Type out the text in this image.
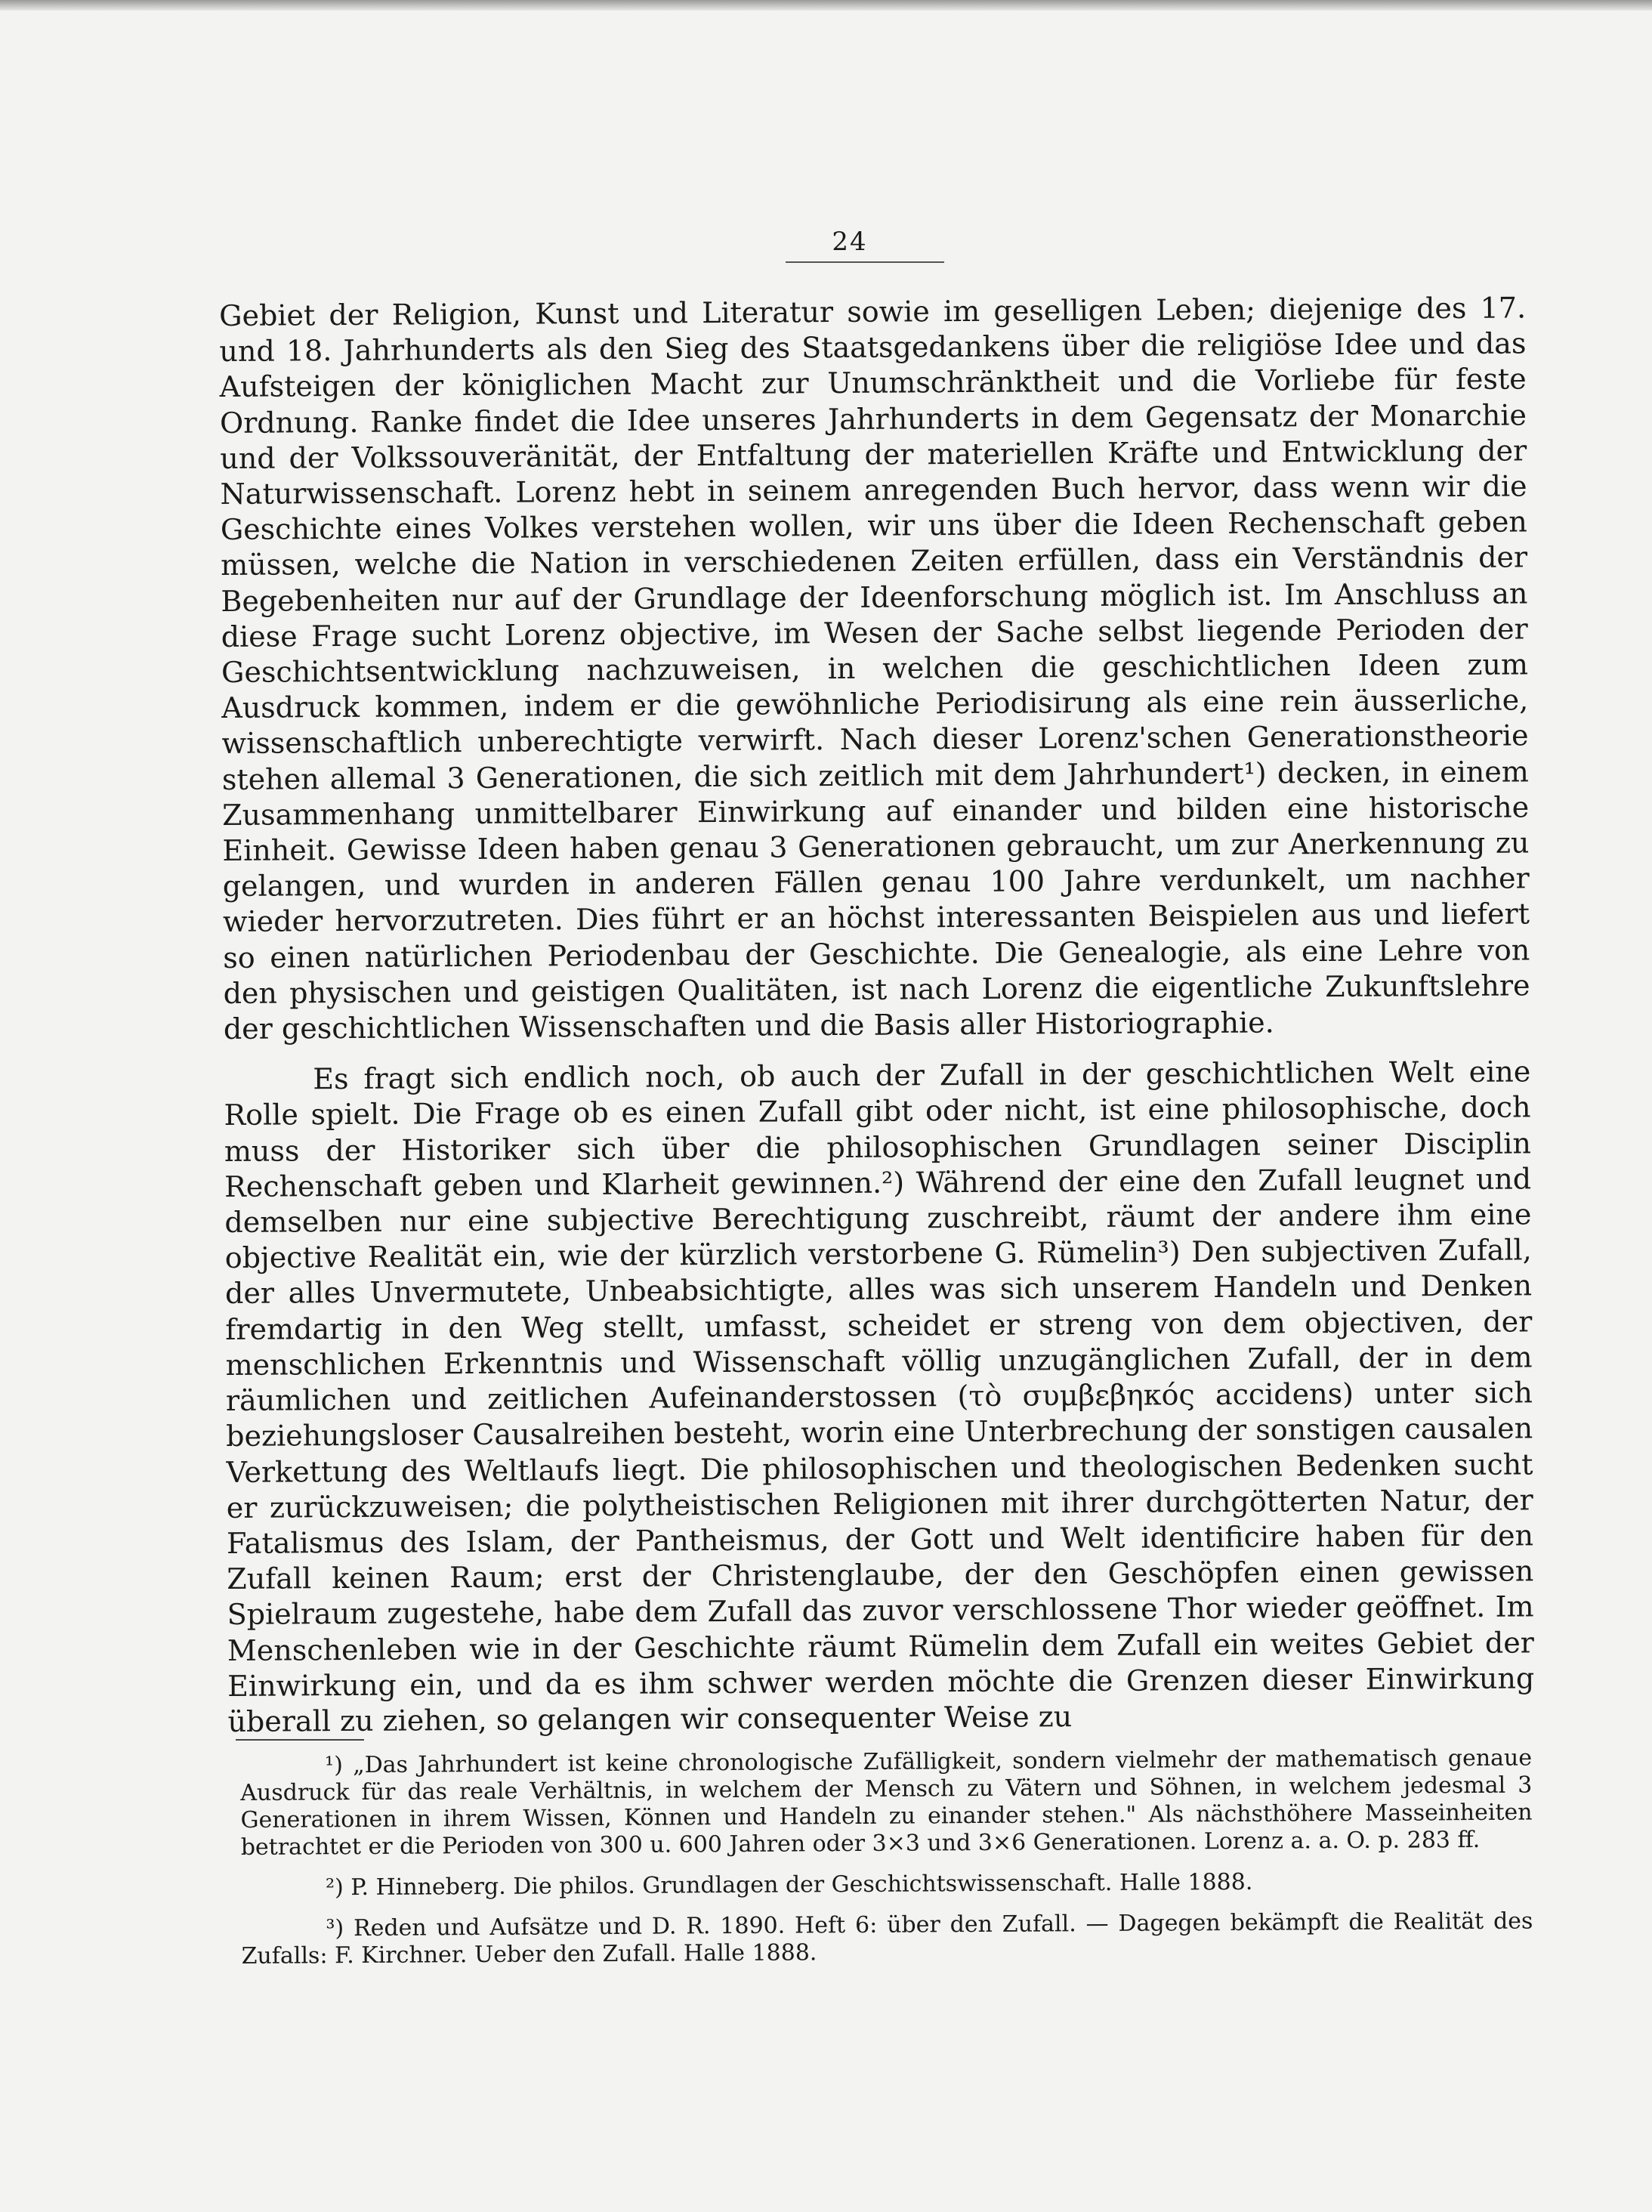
24

Gebiet der Religion, Kunst und Literatur sowie im geselligen Leben; diejenige des 17. und 18. Jahrhunderts als den Sieg des Staatsgedankens über die religiöse Idee und das Aufsteigen der königlichen Macht zur Unumschränktheit und die Vorliebe für feste Ordnung. Ranke findet die Idee unseres Jahrhunderts in dem Gegensatz der Monarchie und der Volkssouveränität, der Entfaltung der materiellen Kräfte und Entwicklung der Naturwissenschaft. Lorenz hebt in seinem anregenden Buch hervor, dass wenn wir die Geschichte eines Volkes verstehen wollen, wir uns über die Ideen Rechenschaft geben müssen, welche die Nation in verschiedenen Zeiten erfüllen, dass ein Verständnis der Begebenheiten nur auf der Grundlage der Ideenforschung möglich ist. Im Anschluss an diese Frage sucht Lorenz objective, im Wesen der Sache selbst liegende Perioden der Geschichtsentwicklung nachzuweisen, in welchen die geschichtlichen Ideen zum Ausdruck kommen, indem er die gewöhnliche Periodisirung als eine rein äusserliche, wissenschaftlich unberechtigte verwirft. Nach dieser Lorenz'schen Generationstheorie stehen allemal 3 Generationen, die sich zeitlich mit dem Jahrhundert¹) decken, in einem Zusammenhang unmittelbarer Einwirkung auf einander und bilden eine historische Einheit. Gewisse Ideen haben genau 3 Generationen gebraucht, um zur Anerkennung zu gelangen, und wurden in anderen Fällen genau 100 Jahre verdunkelt, um nachher wieder hervorzutreten. Dies führt er an höchst interessanten Beispielen aus und liefert so einen natürlichen Periodenbau der Geschichte. Die Genealogie, als eine Lehre von den physischen und geistigen Qualitäten, ist nach Lorenz die eigentliche Zukunftslehre der geschichtlichen Wissenschaften und die Basis aller Historiographie.

Es fragt sich endlich noch, ob auch der Zufall in der geschichtlichen Welt eine Rolle spielt. Die Frage ob es einen Zufall gibt oder nicht, ist eine philosophische, doch muss der Historiker sich über die philosophischen Grundlagen seiner Disciplin Rechenschaft geben und Klarheit gewinnen.²) Während der eine den Zufall leugnet und demselben nur eine subjective Berechtigung zuschreibt, räumt der andere ihm eine objective Realität ein, wie der kürzlich verstorbene G. Rümelin³) Den subjectiven Zufall, der alles Unvermutete, Unbeabsichtigte, alles was sich unserem Handeln und Denken fremdartig in den Weg stellt, umfasst, scheidet er streng von dem objectiven, der menschlichen Erkenntnis und Wissenschaft völlig unzugänglichen Zufall, der in dem räumlichen und zeitlichen Aufeinanderstossen (τὸ συμβεβηκός accidens) unter sich beziehungsloser Causalreihen besteht, worin eine Unterbrechung der sonstigen causalen Verkettung des Weltlaufs liegt. Die philosophischen und theologischen Bedenken sucht er zurückzuweisen; die polytheistischen Religionen mit ihrer durchgötterten Natur, der Fatalismus des Islam, der Pantheismus, der Gott und Welt identificire haben für den Zufall keinen Raum; erst der Christenglaube, der den Geschöpfen einen gewissen Spielraum zugestehe, habe dem Zufall das zuvor verschlossene Thor wieder geöffnet. Im Menschenleben wie in der Geschichte räumt Rümelin dem Zufall ein weites Gebiet der Einwirkung ein, und da es ihm schwer werden möchte die Grenzen dieser Einwirkung überall zu ziehen, so gelangen wir consequenter Weise zu

¹) „Das Jahrhundert ist keine chronologische Zufälligkeit, sondern vielmehr der mathematisch genaue Ausdruck für das reale Verhältnis, in welchem der Mensch zu Vätern und Söhnen, in welchem jedesmal 3 Generationen in ihrem Wissen, Können und Handeln zu einander stehen." Als nächsthöhere Masseinheiten betrachtet er die Perioden von 300 u. 600 Jahren oder 3×3 und 3×6 Generationen. Lorenz a. a. O. p. 283 ff.

²) P. Hinneberg. Die philos. Grundlagen der Geschichtswissenschaft. Halle 1888.

³) Reden und Aufsätze und D. R. 1890. Heft 6: über den Zufall. — Dagegen bekämpft die Realität des Zufalls: F. Kirchner. Ueber den Zufall. Halle 1888.
